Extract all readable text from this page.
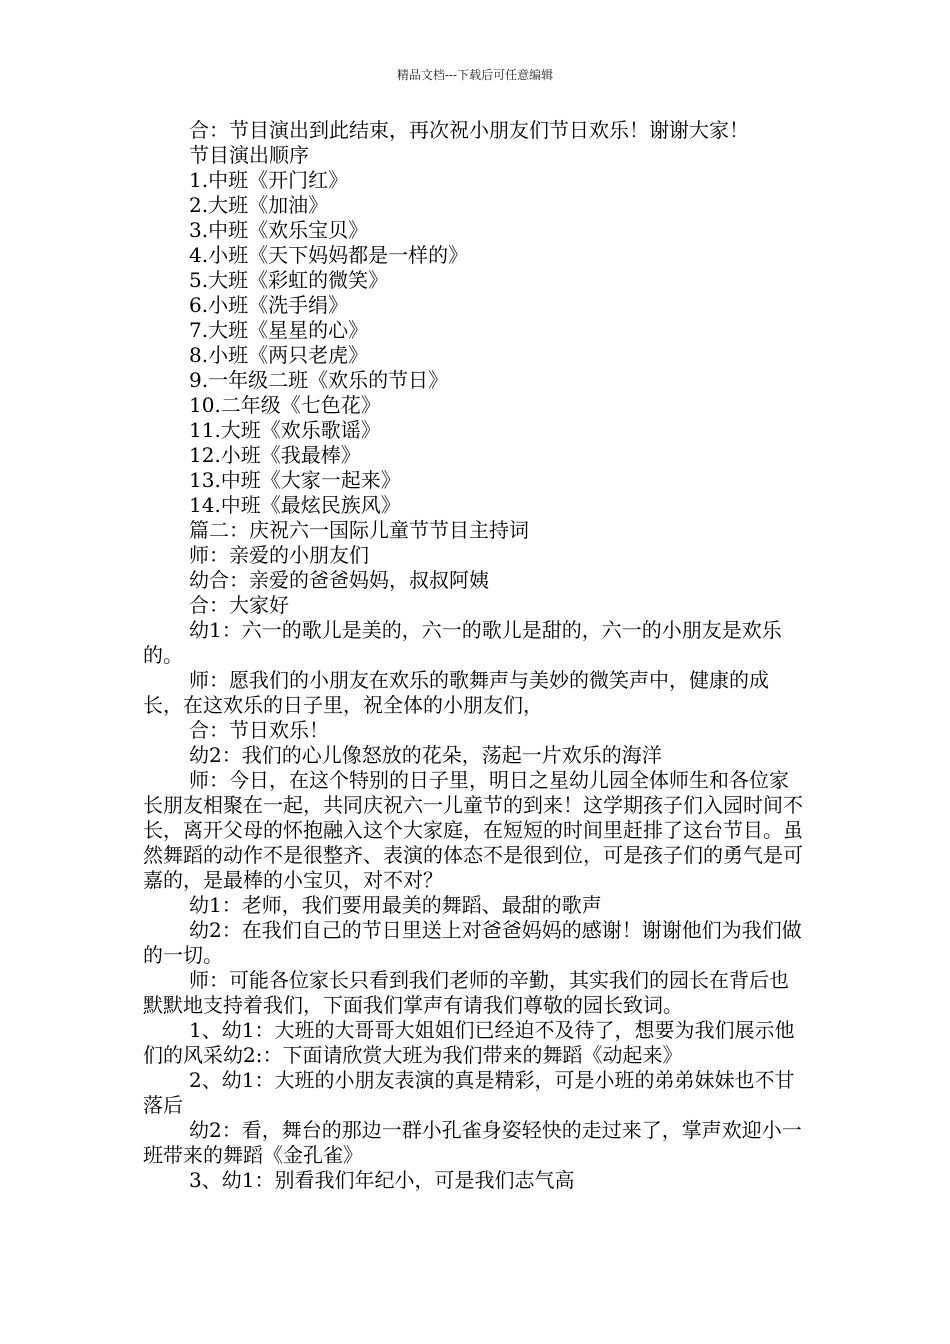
精品文档---下载后可任意编辑

合：节目演出到此结束，再次祝小朋友们节日欢乐！谢谢大家！

节目演出顺序

1.中班《开门红》

2.大班《加油》

3.中班《欢乐宝贝》

4.小班《天下妈妈都是一样的》

5.大班《彩虹的微笑》

6.小班《洗手绢》

7.大班《星星的心》

8.小班《两只老虎》

9.一年级二班《欢乐的节日》

10.二年级《七色花》

11.大班《欢乐歌谣》

12.小班《我最棒》

13.中班《大家一起来》

14.中班《最炫民族风》

篇二：庆祝六一国际儿童节节目主持词

师：亲爱的小朋友们

幼合：亲爱的爸爸妈妈，叔叔阿姨

合：大家好

幼1：六一的歌儿是美的，六一的歌儿是甜的，六一的小朋友是欢乐的。

师：愿我们的小朋友在欢乐的歌舞声与美妙的微笑声中，健康的成长，在这欢乐的日子里，祝全体的小朋友们，

合：节日欢乐！

幼2：我们的心儿像怒放的花朵，荡起一片欢乐的海洋

师：今日，在这个特别的日子里，明日之星幼儿园全体师生和各位家长朋友相聚在一起，共同庆祝六一儿童节的到来！这学期孩子们入园时间不长，离开父母的怀抱融入这个大家庭，在短短的时间里赶排了这台节目。虽然舞蹈的动作不是很整齐、表演的体态不是很到位，可是孩子们的勇气是可嘉的，是最棒的小宝贝，对不对？

幼1：老师，我们要用最美的舞蹈、最甜的歌声

幼2：在我们自己的节日里送上对爸爸妈妈的感谢！谢谢他们为我们做的一切。

师：可能各位家长只看到我们老师的辛勤，其实我们的园长在背后也默默地支持着我们，下面我们掌声有请我们尊敬的园长致词。

1、幼1：大班的大哥哥大姐姐们已经迫不及待了，想要为我们展示他们的风采幼2:：下面请欣赏大班为我们带来的舞蹈《动起来》

2、幼1：大班的小朋友表演的真是精彩，可是小班的弟弟妹妹也不甘落后

幼2：看，舞台的那边一群小孔雀身姿轻快的走过来了，掌声欢迎小一班带来的舞蹈《金孔雀》

3、幼1：别看我们年纪小，可是我们志气高
